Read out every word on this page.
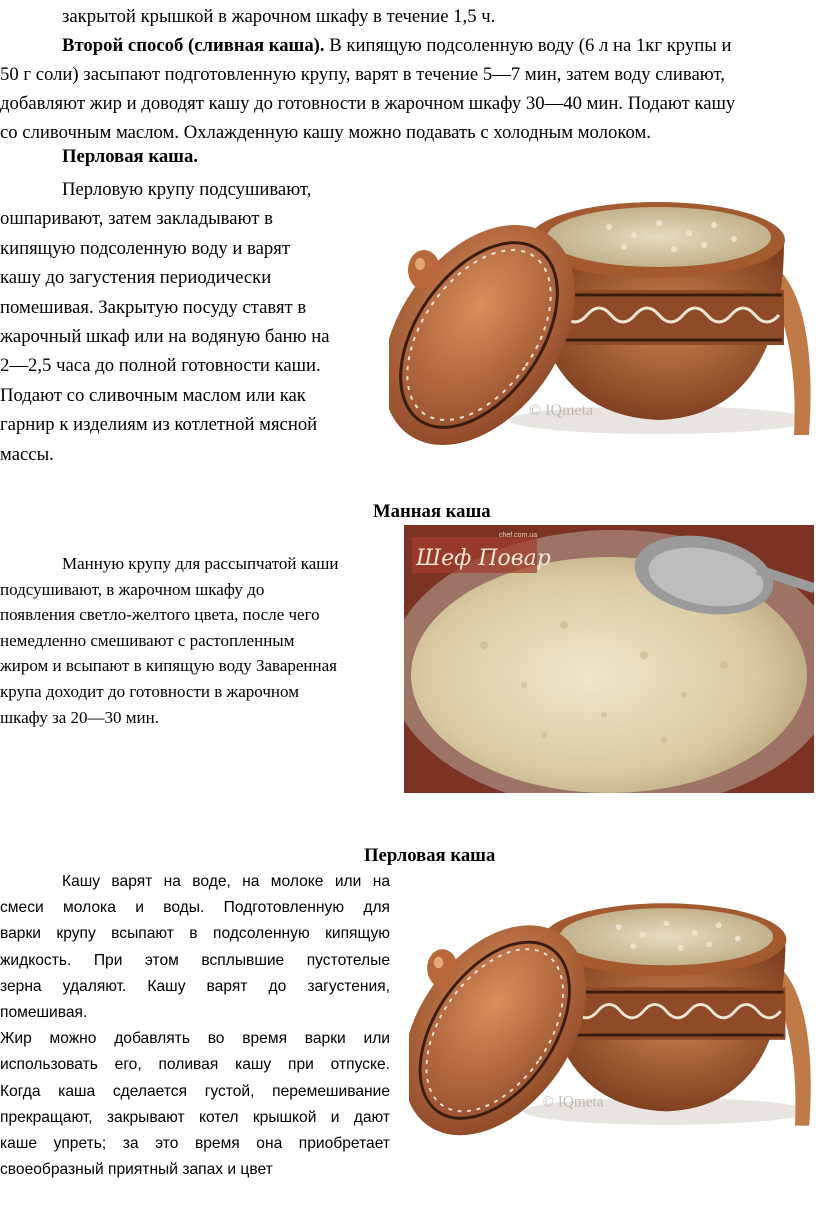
закрытой крышкой в жарочном шкафу в течение 1,5 ч.
Второй способ (сливная каша). В кипящую подсоленную воду (6 л на 1кг крупы и
50 г соли) засыпают подготовленную крупу, варят в течение 5—7 мин, затем воду сливают,
добавляют жир и доводят кашу до готовности в жарочном шкафу 30—40 мин. Подают кашу
со сливочным маслом. Охлажденную кашу можно подавать с холодным молоком.
Перловая каша.
Перловую крупу подсушивают,
ошпаривают, затем закладывают в
кипящую подсоленную воду и варят
кашу до загустения периодически
помешивая. Закрытую посуду ставят в
жарочный шкаф или на водяную баню на
2—2,5 часа до полной готовности каши.
Подают со сливочным маслом или как
гарнир к изделиям из котлетной мясной
массы.
© IQmeta
Манная каша
Манную крупу для рассыпчатой каши
подсушивают, в жарочном шкафу до
появления светло-желтого цвета, после чего
немедленно смешивают с растопленным
жиром и всыпают в кипящую воду Заваренная
крупа доходит до готовности в жарочном
шкафу за 20—30 мин.
Шеф Повар
chef.com.ua
Перловая каша
Кашу варят на воде, на молоке или на
смеси молока и воды. Подготовленную для
варки крупу всыпают в подсоленную кипящую
жидкость. При этом всплывшие пустотелые
зерна удаляют. Кашу варят до загустения,
помешивая.
Жир можно добавлять во время варки или
использовать его, поливая кашу при отпуске.
Когда каша сделается густой, перемешивание
прекращают, закрывают котел крышкой и дают
каше упреть; за это время она приобретает
своеобразный приятный запах и цвет
© IQmeta
